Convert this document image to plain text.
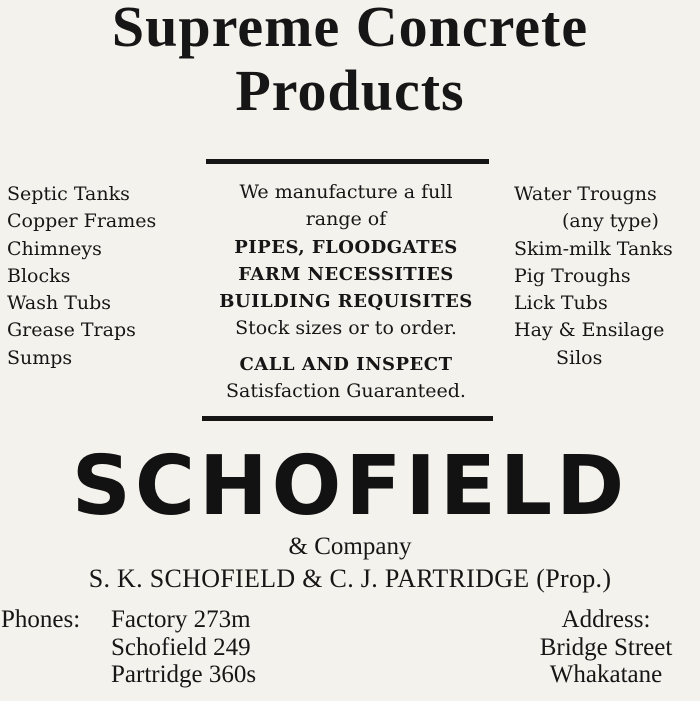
Supreme Concrete
Products
Septic Tanks
Copper Frames
Chimneys
Blocks
Wash Tubs
Grease Traps
Sumps
We manufacture a full
range of
PIPES, FLOODGATES
FARM NECESSITIES
BUILDING REQUISITES
Stock sizes or to order.
CALL AND INSPECT
Satisfaction Guaranteed.
Water Trougns
(any type)
Skim-milk Tanks
Pig Troughs
Lick Tubs
Hay & Ensilage
Silos
SCHOFIELD
& Company
S. K. SCHOFIELD & C. J. PARTRIDGE (Prop.)
Phones: Factory 273m
Schofield 249
Partridge 360s
Address:
Bridge Street
Whakatane
